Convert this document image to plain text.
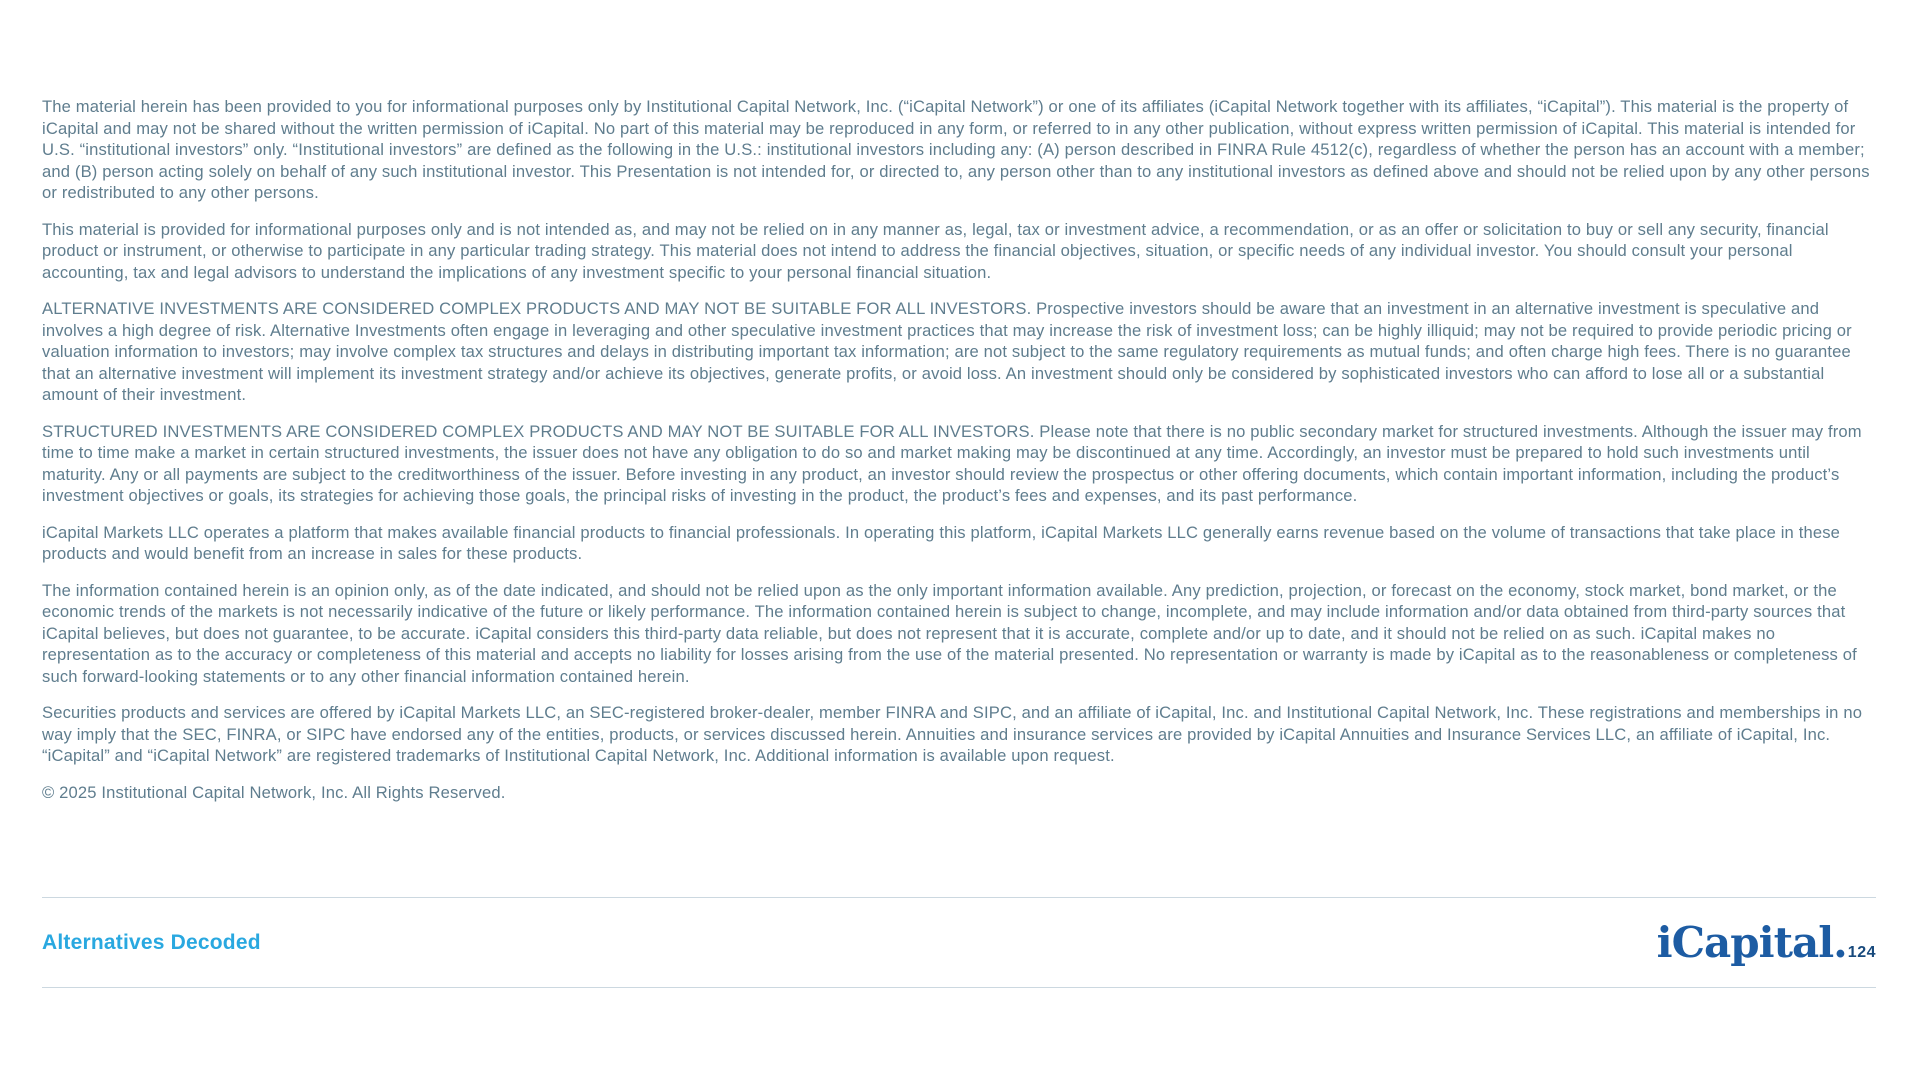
The material herein has been provided to you for informational purposes only by Institutional Capital Network, Inc. (“iCapital Network”) or one of its affiliates (iCapital Network together with its affiliates, “iCapital”). This material is the property of iCapital and may not be shared without the written permission of iCapital. No part of this material may be reproduced in any form, or referred to in any other publication, without express written permission of iCapital. This material is intended for U.S. “institutional investors” only. “Institutional investors” are defined as the following in the U.S.: institutional investors including any: (A) person described in FINRA Rule 4512(c), regardless of whether the person has an account with a member; and (B) person acting solely on behalf of any such institutional investor. This Presentation is not intended for, or directed to, any person other than to any institutional investors as defined above and should not be relied upon by any other persons or redistributed to any other persons.

This material is provided for informational purposes only and is not intended as, and may not be relied on in any manner as, legal, tax or investment advice, a recommendation, or as an offer or solicitation to buy or sell any security, financial product or instrument, or otherwise to participate in any particular trading strategy. This material does not intend to address the financial objectives, situation, or specific needs of any individual investor. You should consult your personal accounting, tax and legal advisors to understand the implications of any investment specific to your personal financial situation.

ALTERNATIVE INVESTMENTS ARE CONSIDERED COMPLEX PRODUCTS AND MAY NOT BE SUITABLE FOR ALL INVESTORS. Prospective investors should be aware that an investment in an alternative investment is speculative and involves a high degree of risk. Alternative Investments often engage in leveraging and other speculative investment practices that may increase the risk of investment loss; can be highly illiquid; may not be required to provide periodic pricing or valuation information to investors; may involve complex tax structures and delays in distributing important tax information; are not subject to the same regulatory requirements as mutual funds; and often charge high fees. There is no guarantee that an alternative investment will implement its investment strategy and/or achieve its objectives, generate profits, or avoid loss. An investment should only be considered by sophisticated investors who can afford to lose all or a substantial amount of their investment.

STRUCTURED INVESTMENTS ARE CONSIDERED COMPLEX PRODUCTS AND MAY NOT BE SUITABLE FOR ALL INVESTORS. Please note that there is no public secondary market for structured investments. Although the issuer may from time to time make a market in certain structured investments, the issuer does not have any obligation to do so and market making may be discontinued at any time. Accordingly, an investor must be prepared to hold such investments until maturity. Any or all payments are subject to the creditworthiness of the issuer. Before investing in any product, an investor should review the prospectus or other offering documents, which contain important information, including the product’s investment objectives or goals, its strategies for achieving those goals, the principal risks of investing in the product, the product’s fees and expenses, and its past performance.

iCapital Markets LLC operates a platform that makes available financial products to financial professionals. In operating this platform, iCapital Markets LLC generally earns revenue based on the volume of transactions that take place in these products and would benefit from an increase in sales for these products.

The information contained herein is an opinion only, as of the date indicated, and should not be relied upon as the only important information available. Any prediction, projection, or forecast on the economy, stock market, bond market, or the economic trends of the markets is not necessarily indicative of the future or likely performance. The information contained herein is subject to change, incomplete, and may include information and/or data obtained from third-party sources that iCapital believes, but does not guarantee, to be accurate. iCapital considers this third-party data reliable, but does not represent that it is accurate, complete and/or up to date, and it should not be relied on as such. iCapital makes no representation as to the accuracy or completeness of this material and accepts no liability for losses arising from the use of the material presented. No representation or warranty is made by iCapital as to the reasonableness or completeness of such forward-looking statements or to any other financial information contained herein.

Securities products and services are offered by iCapital Markets LLC, an SEC-registered broker-dealer, member FINRA and SIPC, and an affiliate of iCapital, Inc. and Institutional Capital Network, Inc. These registrations and memberships in no way imply that the SEC, FINRA, or SIPC have endorsed any of the entities, products, or services discussed herein. Annuities and insurance services are provided by iCapital Annuities and Insurance Services LLC, an affiliate of iCapital, Inc. “iCapital” and “iCapital Network” are registered trademarks of Institutional Capital Network, Inc. Additional information is available upon request.

© 2025 Institutional Capital Network, Inc. All Rights Reserved.

Alternatives Decoded	iCapital. 124
